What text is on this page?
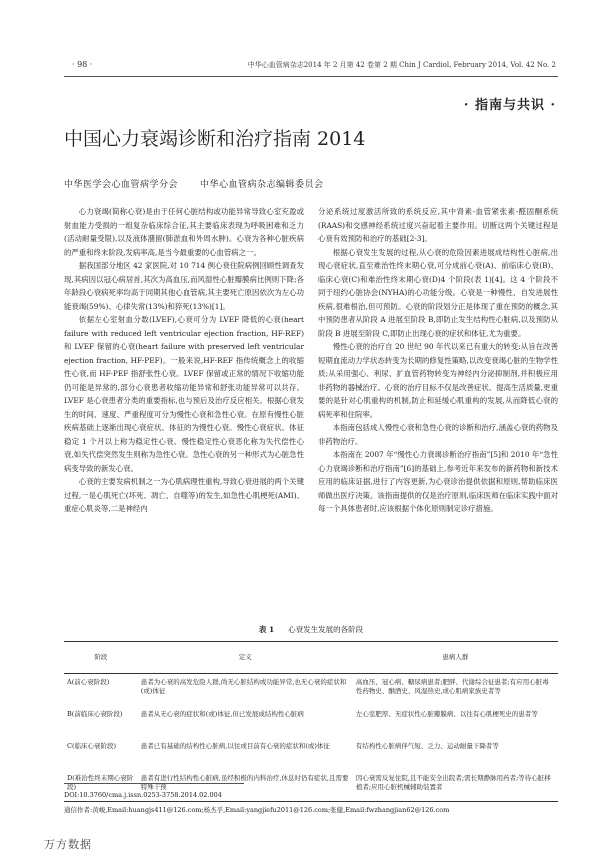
· 98 ·	中华心血管病杂志2014 年 2 月第 42 卷第 2 期 Chin J Cardiol, February 2014, Vol. 42 No. 2
· 指南与共识 ·
中国心力衰竭诊断和治疗指南 2014
中华医学会心血管病学分会 中华心血管病杂志编辑委员会

心力衰竭(简称心衰)是由于任何心脏结构或功能异常导致心室充盈或射血能力受损的一组复杂临床综合征,其主要临床表现为呼吸困难和乏力(活动耐量受限),以及液体潴留(肺淤血和外周水肿)。心衰为各种心脏疾病的严重和终末阶段,发病率高,是当今最重要的心血管病之一。

据我国部分地区 42 家医院,对 10 714 例心衰住院病例回顾性调查发现,其病因以冠心病居首,其次为高血压,而风湿性心脏瓣膜病比例则下降;各年龄段心衰病死率均高于同期其他心血管病,其主要死亡原因依次为左心功能衰竭(59%)、心律失常(13%)和猝死(13%)[1]。

依据左心室射血分数(LVEF),心衰可分为 LVEF 降低的心衰(heart failure with reduced left ventricular ejection fraction, HF-REF)和 LVEF 保留的心衰(heart failure with preserved left ventricular ejection fraction, HF-PEF)。一般来说,HF-REF 指传统概念上的收缩性心衰,而 HF-PEF 指舒张性心衰。LVEF 保留或正常的情况下收缩功能仍可能是异常的,部分心衰患者收缩功能异常和舒张功能异常可以共存。LVEF 是心衰患者分类的重要指标,也与预后及治疗反应相关。根据心衰发生的时间、速度、严重程度可分为慢性心衰和急性心衰。在原有慢性心脏疾病基础上逐渐出现心衰症状、体征的为慢性心衰。慢性心衰症状、体征稳定 1 个月以上称为稳定性心衰。慢性稳定性心衰恶化称为失代偿性心衰,如失代偿突然发生则称为急性心衰。急性心衰的另一种形式为心脏急性病变导致的新发心衰。

心衰的主要发病机制之一为心肌病理性重构,导致心衰进展的两个关键过程,一是心肌死亡(坏死、凋亡、自噬等)的发生,如急性心肌梗死(AMI)、重症心肌炎等,二是神经内

分泌系统过度激活所致的系统反应,其中肾素-血管紧张素-醛固酮系统(RAAS)和交感神经系统过度兴奋起着主要作用。切断这两个关键过程是心衰有效预防和治疗的基础[2-3]。

根据心衰发生发展的过程,从心衰的危险因素进展成结构性心脏病,出现心衰症状,直至难治性终末期心衰,可分成前心衰(A)、前临床心衰(B)、临床心衰(C)和难治性终末期心衰(D)4 个阶段(表 1)[4]。这 4 个阶段不同于纽约心脏协会(NYHA)的心功能分级。心衰是一种慢性、自发进展性疾病,很难根治,但可预防。心衰的阶段划分正是体现了重在预防的概念,其中预防患者从阶段 A 进展至阶段 B,即防止发生结构性心脏病,以及预防从阶段 B 进展至阶段 C,即防止出现心衰的症状和体征,尤为重要。

慢性心衰的治疗自 20 世纪 90 年代以来已有重大的转变:从旨在改善短期血流动力学状态转变为长期的修复性策略,以改变衰竭心脏的生物学性质;从采用强心、利尿、扩血管药物转变为神经内分泌抑制剂,并积极应用非药物的器械治疗。心衰的治疗目标不仅是改善症状、提高生活质量,更重要的是针对心肌重构的机制,防止和延缓心肌重构的发展,从而降低心衰的病死率和住院率。

本指南包括成人慢性心衰和急性心衰的诊断和治疗,涵盖心衰的药物及非药物治疗。

本指南在 2007 年“慢性心力衰竭诊断治疗指南”[5]和 2010 年“急性心力衰竭诊断和治疗指南”[6]的基础上,参考近年来发布的新药物和新技术应用的临床证据,进行了内容更新,为心衰诊治提供依据和原则,帮助临床医师做出医疗决策。该指南提供的仅是治疗原则,临床医师在临床实践中面对每一个具体患者时,应该根据个体化原则制定诊疗措施。

表 1 心衰发生发展的各阶段
阶段	定义	患病人群
A(前心衰阶段)	患者为心衰的高发危险人群,尚无心脏结构或功能异常,也无心衰的症状和(或)体征	高血压、冠心病、糖尿病患者;肥胖、代谢综合征患者;有应用心脏毒性药物史、酗酒史、风湿热史,或心肌病家族史者等
B(前临床心衰阶段)	患者从无心衰的症状和(或)体征,但已发展成结构性心脏病	左心室肥厚、无症状性心脏瓣膜病、以往有心肌梗死史的患者等
C(临床心衰阶段)	患者已有基础的结构性心脏病,以往或目前有心衰的症状和(或)体征	有结构性心脏病伴气短、乏力、运动耐量下降者等
D(难治性终末期心衰阶段)	患者有进行性结构性心脏病,虽经积极的内科治疗,休息时仍有症状,且需要特殊干预	因心衰需反复住院,且不能安全出院者;需长期静脉用药者;等待心脏移植者;应用心脏机械辅助装置者
DOI:10.3760/cma.j.issn.0253-3758.2014.02.004
通信作者:黄峻,Email:huangjs411@126.com;杨杰孚,Email:yangjiefu2011@126.com;张健,Email:fwzhangjian62@126.com
万方数据
